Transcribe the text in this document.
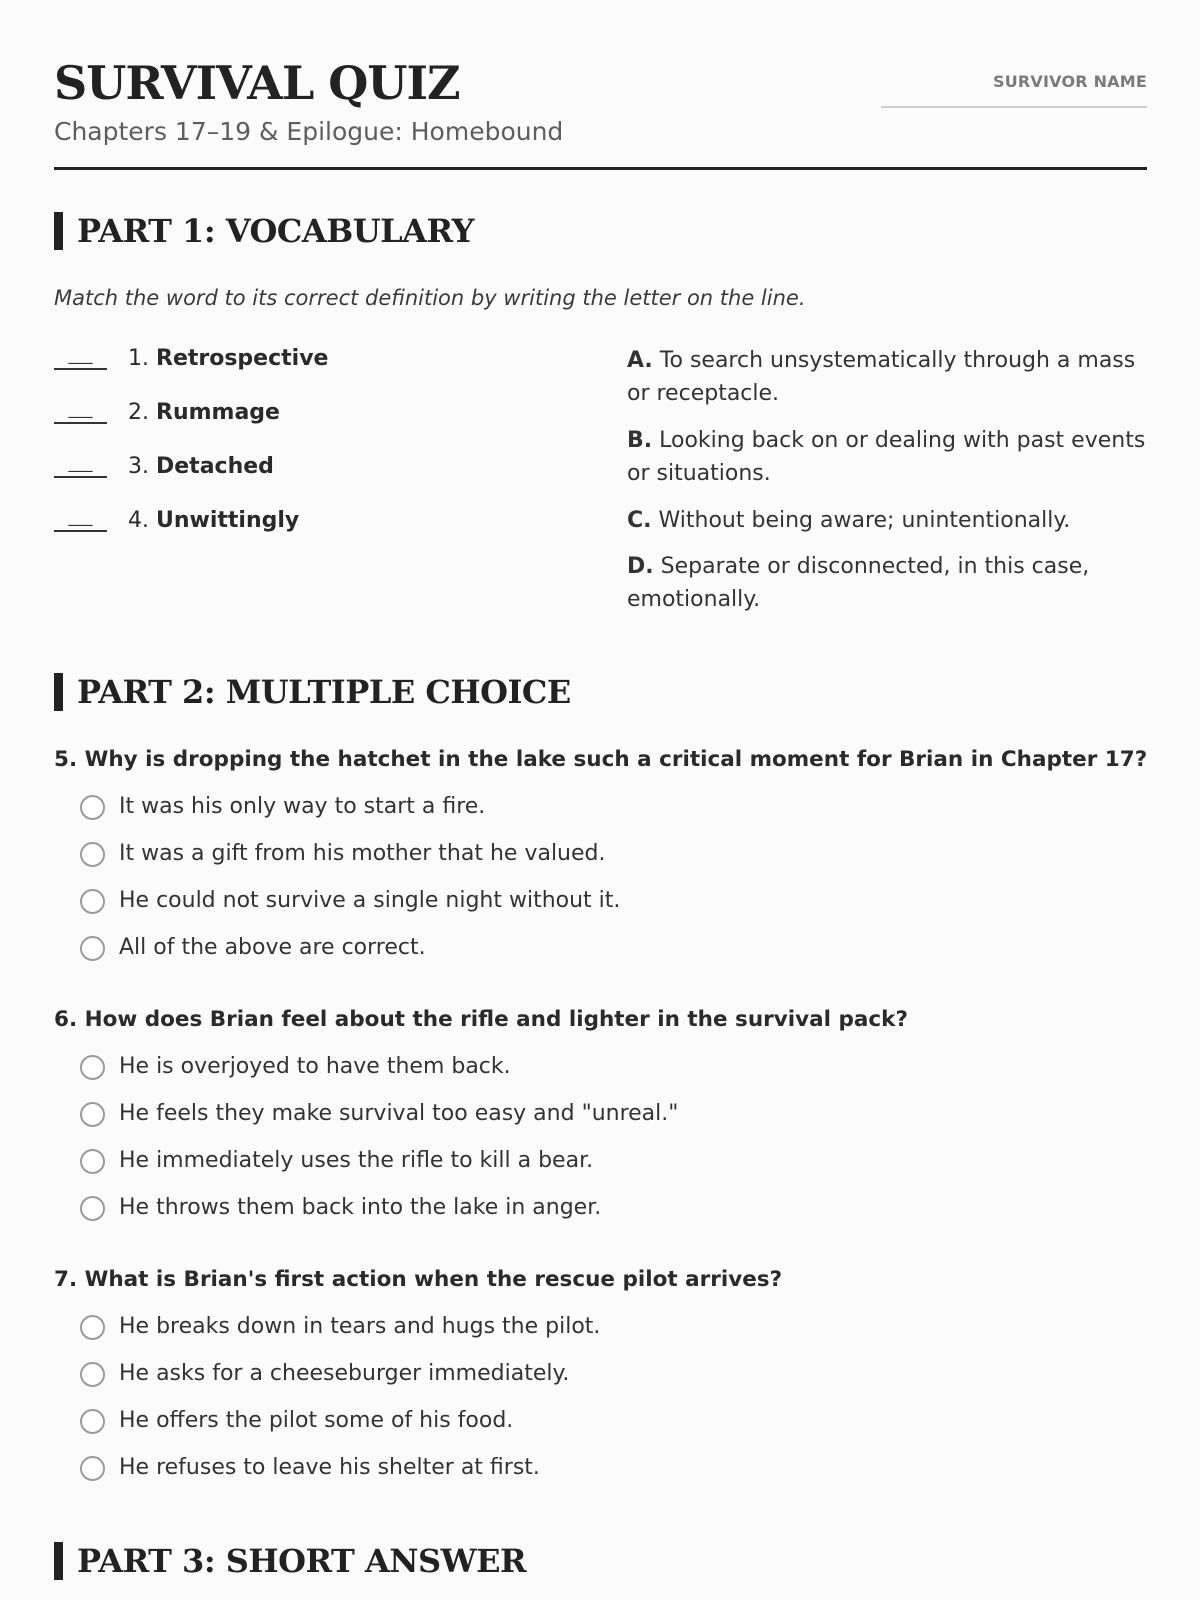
SURVIVAL QUIZ
Chapters 17–19 & Epilogue: Homebound
SURVIVOR NAME
PART 1: VOCABULARY
Match the word to its correct definition by writing the letter on the line.
___	1. Retrospective
___	2. Rummage
___	3. Detached
___	4. Unwittingly
A. To search unsystematically through a mass or receptacle.
B. Looking back on or dealing with past events or situations.
C. Without being aware; unintentionally.
D. Separate or disconnected, in this case, emotionally.
PART 2: MULTIPLE CHOICE
5. Why is dropping the hatchet in the lake such a critical moment for Brian in Chapter 17?
It was his only way to start a fire.
It was a gift from his mother that he valued.
He could not survive a single night without it.
All of the above are correct.
6. How does Brian feel about the rifle and lighter in the survival pack?
He is overjoyed to have them back.
He feels they make survival too easy and "unreal."
He immediately uses the rifle to kill a bear.
He throws them back into the lake in anger.
7. What is Brian's first action when the rescue pilot arrives?
He breaks down in tears and hugs the pilot.
He asks for a cheeseburger immediately.
He offers the pilot some of his food.
He refuses to leave his shelter at first.
PART 3: SHORT ANSWER
